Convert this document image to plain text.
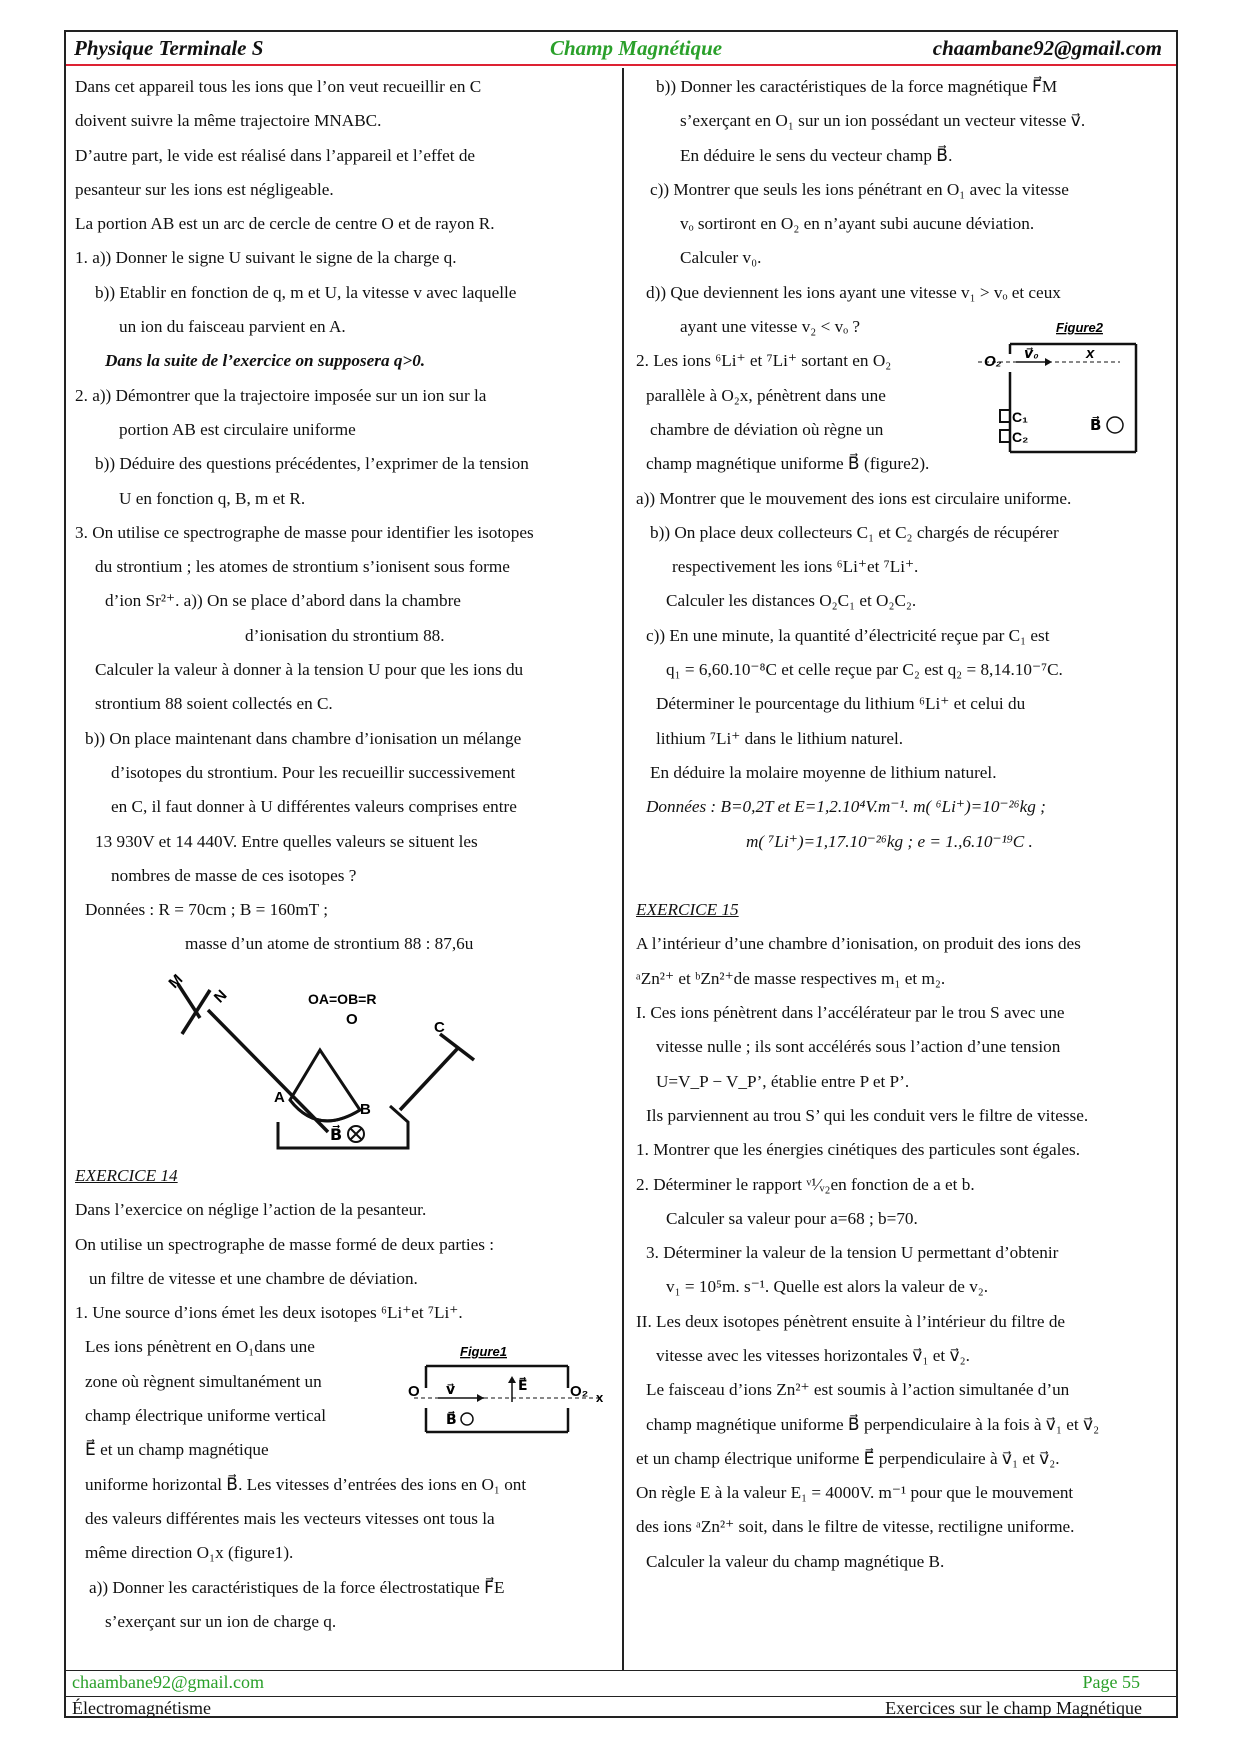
Physique Terminale S	Champ Magnétique	chaambane92@gmail.com
Dans cet appareil tous les ions que l’on veut recueillir en C
doivent suivre la même trajectoire MNABC.
D’autre part, le vide est réalisé dans l’appareil et l’effet de
pesanteur sur les ions est négligeable.
La portion AB est un arc de cercle de centre O et de rayon R.
1. a)) Donner le signe U suivant le signe de la charge q.
b)) Etablir en fonction de q, m et U, la vitesse v avec laquelle
un ion du faisceau parvient en A.
Dans la suite de l’exercice on supposera q>0.
2. a)) Démontrer que la trajectoire imposée sur un ion sur la
portion AB est circulaire uniforme
b)) Déduire des questions précédentes, l’exprimer de la tension
U en fonction q, B, m et R.
3. On utilise ce spectrographe de masse pour identifier les isotopes
du strontium ; les atomes de strontium s’ionisent sous forme
d’ion Sr²⁺. a)) On se place d’abord dans la chambre
d’ionisation du strontium 88.
Calculer la valeur à donner à la tension U pour que les ions du
strontium 88 soient collectés en C.
b)) On place maintenant dans chambre d’ionisation un mélange
d’isotopes du strontium. Pour les recueillir successivement
en C, il faut donner à U différentes valeurs comprises entre
13 930V et 14 440V. Entre quelles valeurs se situent les
nombres de masse de ces isotopes ?
Données : R = 70cm ; B = 160mT ;
masse d’un atome de strontium 88 : 87,6u
OA=OB=R
M
N
O
A
B
C
B⃗
EXERCICE 14
Dans l’exercice on néglige l’action de la pesanteur.
On utilise un spectrographe de masse formé de deux parties :
un filtre de vitesse et une chambre de déviation.
1. Une source d’ions émet les deux isotopes ⁶Li⁺et ⁷Li⁺.
Les ions pénètrent en O₁dans une
zone où règnent simultanément un
champ électrique uniforme vertical
E⃗ et un champ magnétique
uniforme horizontal B⃗. Les vitesses d’entrées des ions en O₁ ont
des valeurs différentes mais les vecteurs vitesses ont tous la
même direction O₁x (figure1).
a)) Donner les caractéristiques de la force électrostatique F⃗E
s’exerçant sur un ion de charge q.
Figure1
O v⃗	E⃗	O₂ x
B⃗
b)) Donner les caractéristiques de la force magnétique F⃗M
s’exerçant en O₁ sur un ion possédant un vecteur vitesse v⃗.
En déduire le sens du vecteur champ B⃗.
c)) Montrer que seuls les ions pénétrant en O₁ avec la vitesse
vₒ sortiront en O₂ en n’ayant subi aucune déviation.
Calculer v₀.
d)) Que deviennent les ions ayant une vitesse v₁ > vₒ et ceux
ayant une vitesse v₂ < vₒ ?
2. Les ions ⁶Li⁺ et ⁷Li⁺ sortant en O₂
parallèle à O₂x, pénètrent dans une
chambre de déviation où règne un
champ magnétique uniforme B⃗ (figure2).
a)) Montrer que le mouvement des ions est circulaire uniforme.
b)) On place deux collecteurs C₁ et C₂ chargés de récupérer
respectivement les ions ⁶Li⁺et ⁷Li⁺.
Calculer les distances O₂C₁ et O₂C₂.
c)) En une minute, la quantité d’électricité reçue par C₁ est
q₁ = 6,60.10⁻⁸C et celle reçue par C₂ est q₂ = 8,14.10⁻⁷C.
Déterminer le pourcentage du lithium ⁶Li⁺ et celui du
lithium ⁷Li⁺ dans le lithium naturel.
En déduire la molaire moyenne de lithium naturel.
Données : B=0,2T et E=1,2.10⁴V.m⁻¹. m( ⁶Li⁺)=10⁻²⁶kg ;
m( ⁷Li⁺)=1,17.10⁻²⁶kg ; e = 1.,6.10⁻¹⁹C .
EXERCICE 15
A l’intérieur d’une chambre d’ionisation, on produit des ions des
ᵃZn²⁺ et ᵇZn²⁺de masse respectives m₁ et m₂.
I. Ces ions pénètrent dans l’accélérateur par le trou S avec une
vitesse nulle ; ils sont accélérés sous l’action d’une tension
U=V_P − V_P’, établie entre P et P’.
Ils parviennent au trou S’ qui les conduit vers le filtre de vitesse.
1. Montrer que les énergies cinétiques des particules sont égales.
2. Déterminer le rapport ᵛ¹⁄ᵥ₂en fonction de a et b.
Calculer sa valeur pour a=68 ; b=70.
3. Déterminer la valeur de la tension U permettant d’obtenir
v₁ = 10⁵m. s⁻¹. Quelle est alors la valeur de v₂.
II. Les deux isotopes pénètrent ensuite à l’intérieur du filtre de
vitesse avec les vitesses horizontales v⃗₁ et v⃗₂.
Le faisceau d’ions Zn²⁺ est soumis à l’action simultanée d’un
champ magnétique uniforme B⃗ perpendiculaire à la fois à v⃗₁ et v⃗₂
et un champ électrique uniforme E⃗ perpendiculaire à v⃗₁ et v⃗₂.
On règle E à la valeur E₁ = 4000V. m⁻¹ pour que le mouvement
des ions ᵃZn²⁺ soit, dans le filtre de vitesse, rectiligne uniforme.
Calculer la valeur du champ magnétique B.
Figure2
O₂ v⃗₀	x
C₁
C₂
B⃗
chaambane92@gmail.com	Page 55
Électromagnétisme	Exercices sur le champ Magnétique
